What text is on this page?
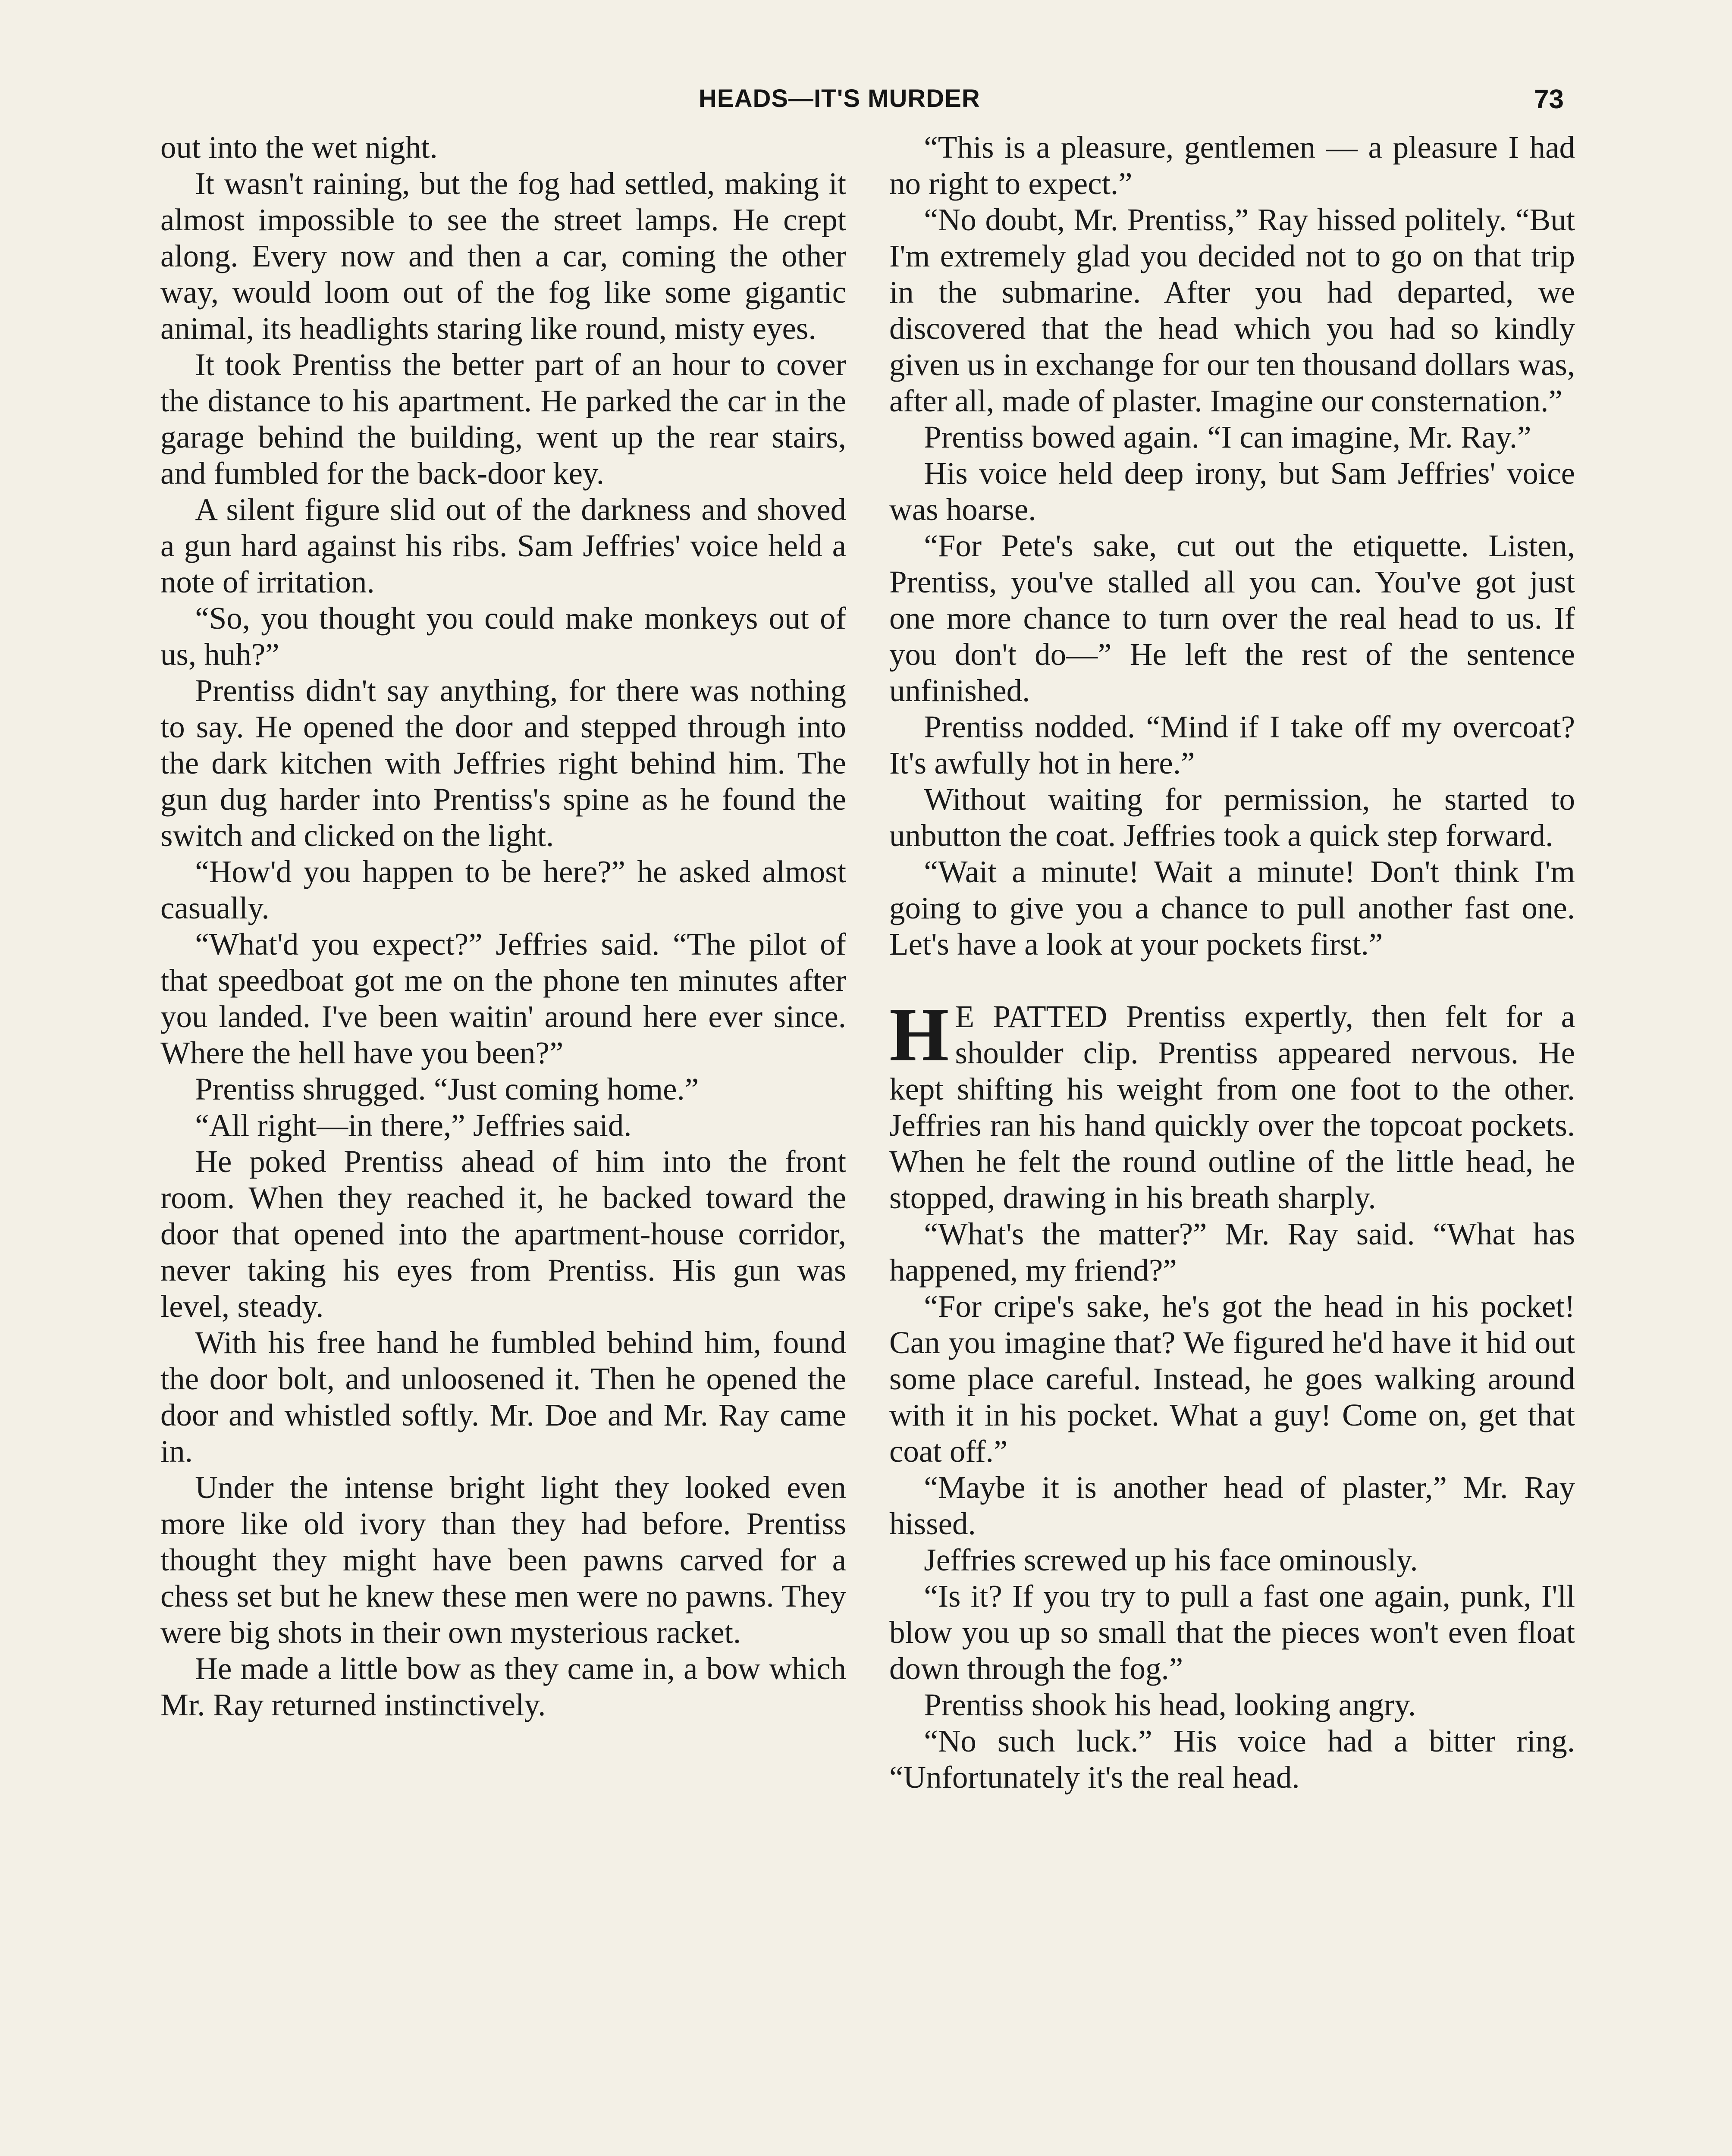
HEADS—IT'S MURDER	73

out into the wet night.

It wasn't raining, but the fog had settled, making it almost impossible to see the street lamps. He crept along. Every now and then a car, coming the other way, would loom out of the fog like some gigantic animal, its headlights staring like round, misty eyes.

It took Prentiss the better part of an hour to cover the distance to his apartment. He parked the car in the garage behind the building, went up the rear stairs, and fumbled for the back-door key.

A silent figure slid out of the darkness and shoved a gun hard against his ribs. Sam Jeffries' voice held a note of irritation.

“So, you thought you could make monkeys out of us, huh?”

Prentiss didn't say anything, for there was nothing to say. He opened the door and stepped through into the dark kitchen with Jeffries right behind him. The gun dug harder into Prentiss's spine as he found the switch and clicked on the light.

“How'd you happen to be here?” he asked almost casually.

“What'd you expect?” Jeffries said. “The pilot of that speedboat got me on the phone ten minutes after you landed. I've been waitin' around here ever since. Where the hell have you been?”

Prentiss shrugged. “Just coming home.”

“All right—in there,” Jeffries said.

He poked Prentiss ahead of him into the front room. When they reached it, he backed toward the door that opened into the apartment-house corridor, never taking his eyes from Prentiss. His gun was level, steady.

With his free hand he fumbled behind him, found the door bolt, and unloosened it. Then he opened the door and whistled softly. Mr. Doe and Mr. Ray came in.

Under the intense bright light they looked even more like old ivory than they had before. Prentiss thought they might have been pawns carved for a chess set but he knew these men were no pawns. They were big shots in their own mysterious racket.

He made a little bow as they came in, a bow which Mr. Ray returned instinctively.

“This is a pleasure, gentlemen — a pleasure I had no right to expect.”

“No doubt, Mr. Prentiss,” Ray hissed politely. “But I'm extremely glad you decided not to go on that trip in the submarine. After you had departed, we discovered that the head which you had so kindly given us in exchange for our ten thousand dollars was, after all, made of plaster. Imagine our consternation.”

Prentiss bowed again. “I can imagine, Mr. Ray.”

His voice held deep irony, but Sam Jeffries' voice was hoarse.

“For Pete's sake, cut out the etiquette. Listen, Prentiss, you've stalled all you can. You've got just one more chance to turn over the real head to us. If you don't do—” He left the rest of the sentence unfinished.

Prentiss nodded. “Mind if I take off my overcoat? It's awfully hot in here.”

Without waiting for permission, he started to unbutton the coat. Jeffries took a quick step forward.

“Wait a minute! Wait a minute! Don't think I'm going to give you a chance to pull another fast one. Let's have a look at your pockets first.”

H E PATTED Prentiss expertly, then felt for a shoulder clip. Prentiss appeared nervous. He kept shifting his weight from one foot to the other. Jeffries ran his hand quickly over the topcoat pockets. When he felt the round outline of the little head, he stopped, drawing in his breath sharply.

“What's the matter?” Mr. Ray said. “What has happened, my friend?”

“For cripe's sake, he's got the head in his pocket! Can you imagine that? We figured he'd have it hid out some place careful. Instead, he goes walking around with it in his pocket. What a guy! Come on, get that coat off.”

“Maybe it is another head of plaster,” Mr. Ray hissed.

Jeffries screwed up his face ominously.

“Is it? If you try to pull a fast one again, punk, I'll blow you up so small that the pieces won't even float down through the fog.”

Prentiss shook his head, looking angry.

“No such luck.” His voice had a bitter ring. “Unfortunately it's the real head.
